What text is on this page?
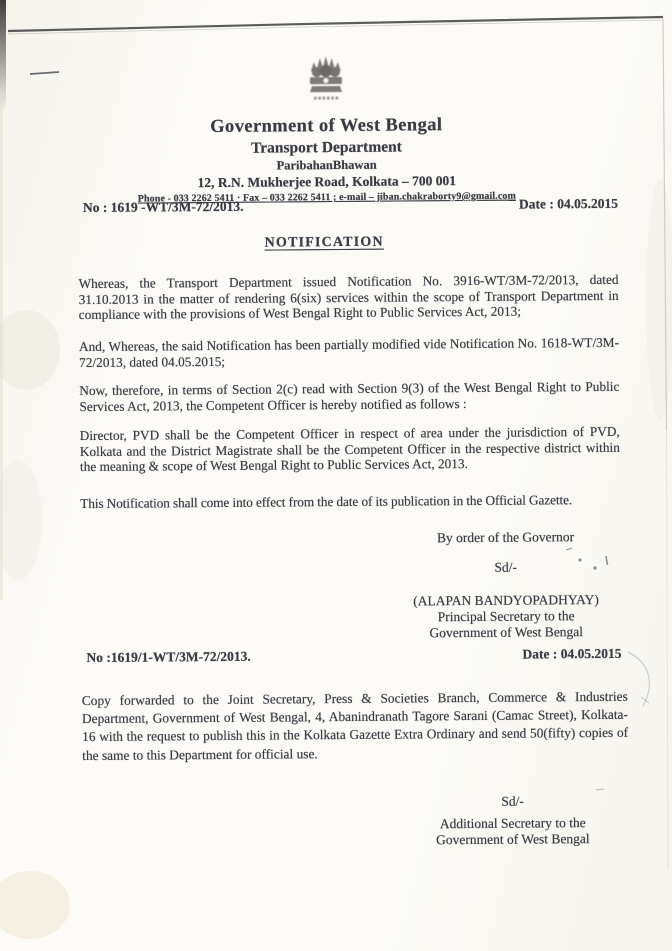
Government of West Bengal
Transport Department
ParibahanBhawan
12, R.N. Mukherjee Road, Kolkata – 700 001
Phone - 033 2262 5411 · Fax – 033 2262 5411 ; e-mail – jiban.chakraborty9@gmail.com
No : 1619 -WT/3M-72/2013.	Date : 04.05.2015
NOTIFICATION

Whereas, the Transport Department issued Notification No. 3916-WT/3M-72/2013, dated 31.10.2013 in the matter of rendering 6(six) services within the scope of Transport Department in compliance with the provisions of West Bengal Right to Public Services Act, 2013;

And, Whereas, the said Notification has been partially modified vide Notification No. 1618-WT/3M-72/2013, dated 04.05.2015;

Now, therefore, in terms of Section 2(c) read with Section 9(3) of the West Bengal Right to Public Services Act, 2013, the Competent Officer is hereby notified as follows :

Director, PVD shall be the Competent Officer in respect of area under the jurisdiction of PVD, Kolkata and the District Magistrate shall be the Competent Officer in the respective district within the meaning & scope of West Bengal Right to Public Services Act, 2013.

This Notification shall come into effect from the date of its publication in the Official Gazette.

By order of the Governor
Sd/-
(ALAPAN BANDYOPADHYAY)
Principal Secretary to the
Government of West Bengal
No :1619/1-WT/3M-72/2013.	Date : 04.05.2015

Copy forwarded to the Joint Secretary, Press & Societies Branch, Commerce & Industries Department, Government of West Bengal, 4, Abanindranath Tagore Sarani (Camac Street), Kolkata-16 with the request to publish this in the Kolkata Gazette Extra Ordinary and send 50(fifty) copies of the same to this Department for official use.

Sd/-
Additional Secretary to the
Government of West Bengal
